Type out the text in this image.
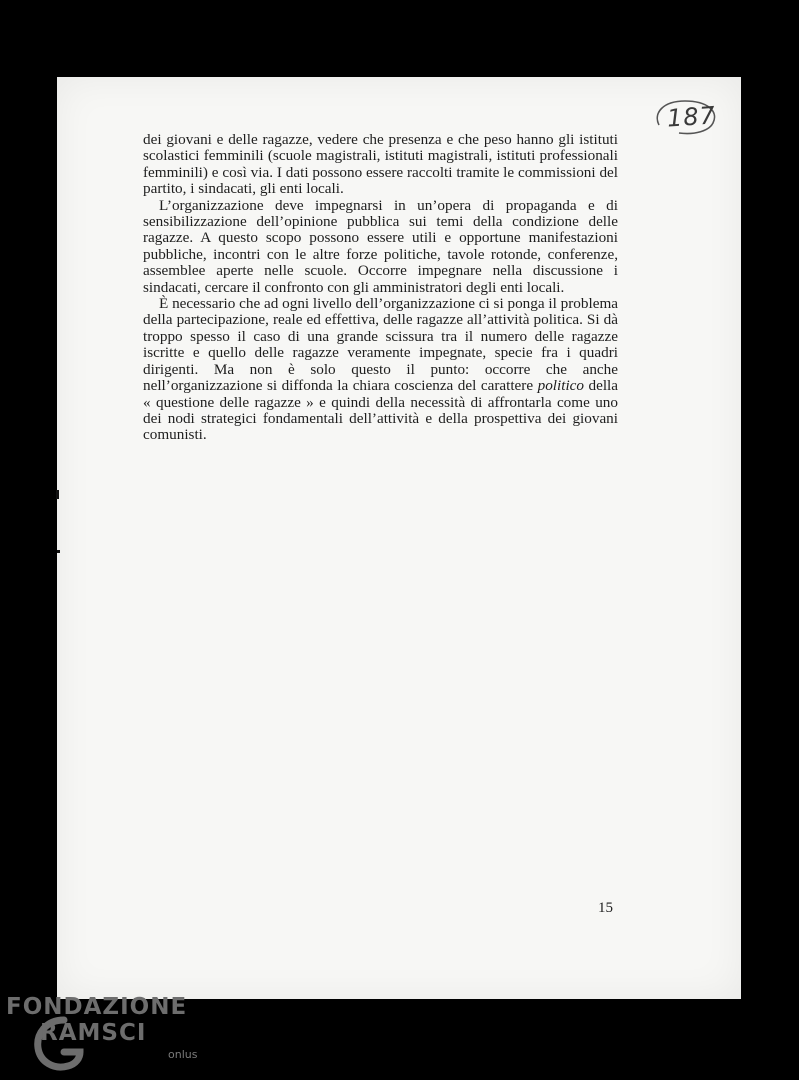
187

dei giovani e delle ragazze, vedere che presenza e che peso hanno gli istituti scolastici femminili (scuole magistrali, istituti magistrali, istituti professionali femminili) e così via. I dati possono essere raccolti tramite le commissioni del partito, i sindacati, gli enti locali.

L’organizzazione deve impegnarsi in un’opera di propaganda e di sensibilizzazione dell’opinione pubblica sui temi della condizione delle ragazze. A questo scopo possono essere utili e opportune manifestazioni pubbliche, incontri con le altre forze politiche, tavole rotonde, conferenze, assemblee aperte nelle scuole. Occorre impegnare nella discussione i sindacati, cercare il confronto con gli amministratori degli enti locali.

È necessario che ad ogni livello dell’organizzazione ci si ponga il problema della partecipazione, reale ed effettiva, delle ragazze all’attività politica. Si dà troppo spesso il caso di una grande scissura tra il numero delle ragazze iscritte e quello delle ragazze veramente impegnate, specie fra i quadri dirigenti. Ma non è solo questo il punto: occorre che anche nell’organizzazione si diffonda la chiara coscienza del carattere politico della « questione delle ragazze » e quindi della necessità di affrontarla come uno dei nodi strategici fondamentali dell’attività e della prospettiva dei giovani comunisti.

15
FONDAZIONE
RAMSCI
onlus
